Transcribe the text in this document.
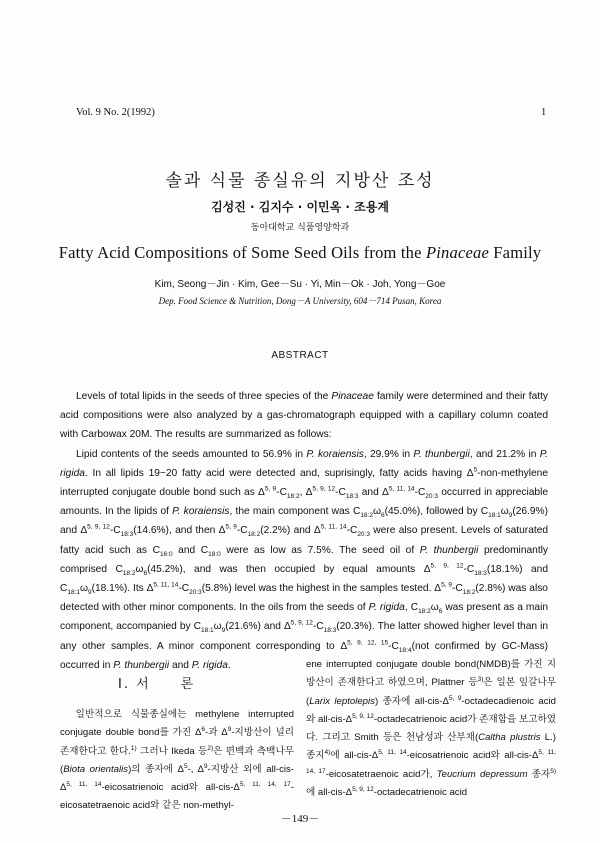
Vol. 9 No. 2(1992)	1
솔과 식물 종실유의 지방산 조성
김성진 · 김지수 · 이민옥 · 조용계
동아대학교 식품영양학과
Fatty Acid Compositions of Some Seed Oils from the Pinaceae Family
Kim, Seong－Jin · Kim, Gee－Su · Yi, Min－Ok · Joh, Yong－Goe
Dep. Food Science & Nutrition, Dong－A University, 604－714 Pusan, Korea
ABSTRACT

Levels of total lipids in the seeds of three species of the Pinaceae family were determined and their fatty acid compositions were also analyzed by a gas-chromatograph equipped with a capillary column coated with Carbowax 20M. The results are summarized as follows:

Lipid contents of the seeds amounted to 56.9% in P. koraiensis, 29.9% in P. thunbergii, and 21.2% in P. rigida. In all lipids 19~20 fatty acid were detected and, suprisingly, fatty acids having $\Delta^5-non$-methylene interrupted conjugate double bond such as $\Delta^{5, 9}-C_{18:2}$, $\Delta^{5, 9, 12}-C_{18:3}$ and $\Delta^{5, 11, 14}-C_{20:3}$ occurred in appreciable amounts. In the lipids of P. koraiensis, the main component was $C_{18:2}\omega_6(45.0\%)$, followed by $C_{18:1}\omega_9(26.9\%)$ and $\Delta^{5, 9, 12}-C_{18:3}(14.6\%)$, and then $\Delta^{5, 9}-C_{18:2}(2.2\%)$ and $\Delta^{5, 11, 14}-C_{20:3}$ were also present. Levels of saturated fatty acid such as $C_{16:0}$ and $C_{18:0}$ were as low as 7.5%. The seed oil of P. thunbergii predominantly comprised $C_{18:2}\omega_6(45.2\%)$, and was then occupied by equal amounts $\Delta^{5, 9, 12}-C_{18:3}(18.1\%)$ and $C_{18:1}\omega_9(18.1\%)$. Its $\Delta^{5, 11, 14}-C_{20:3}(5.8\%)$ level was the highest in the samples tested. $\Delta^{5, 9}-C_{18:2}(2.8\%)$ was also detected with other minor components. In the oils from the seeds of P. rigida, $C_{18:2}\omega_6$ was present as a main component, accompanied by $C_{18:1}\omega_9(21.6\%)$ and $\Delta^{5, 9, 12}-C_{18:3}(20.3\%)$. The latter showed higher level than in any other samples. A minor component corresponding to $\Delta^{5, 9, 12, 15}-C_{18:4}(not$ confirmed by GC-Mass) occurred in P. thunbergii and P. rigida.

I. 서　　론

　일반적으로 식물종실에는 methylene interrupted conjugate double bond를 가진 $\Delta^6-$과 $\Delta^9-$지방산이 널리 존재한다고 한다.$^{1)}$ 그러나 Ikeda 등$^{2)}$은 편백과 측백나무(Biota orientalis)의 종자에 $\Delta^5-$, $\Delta^9-$지방산 외에 all-$cis-\Delta^{5, 11, 14}$-eicosatrienoic acid와 all-$cis-\Delta^{5, 11, 14, 17}$-eicosatetraenoic acid와 같은 non-methyl-

ene interrupted conjugate double bond(NMDB)를 가진 지방산이 존재한다고 하였으며, Plattner 등$^{3)}$은 일본 잎갈나무(Larix leptolepis) 종자에 all-$cis-\Delta^{5, 9}$-octadecadienoic acid와 all-$cis-\Delta^{5, 9, 12}$-octadecatrienoic acid가 존재함을 보고하였다. 그리고 Smith 등은 천남성과 산부채(Caltha plustris L.) 종지$^{4)}$에 all-$cis-\Delta^{5, 11, 14}$-eicosatrienoic acid와 all-$cis-\Delta^{5, 11, 14, 17}$-eicosatetraenoic acid가, Teucrium depressum 종자$^{5)}$에 all-$cis-\Delta^{5, 9, 12}$-octadecatrienoic acid

－149－
